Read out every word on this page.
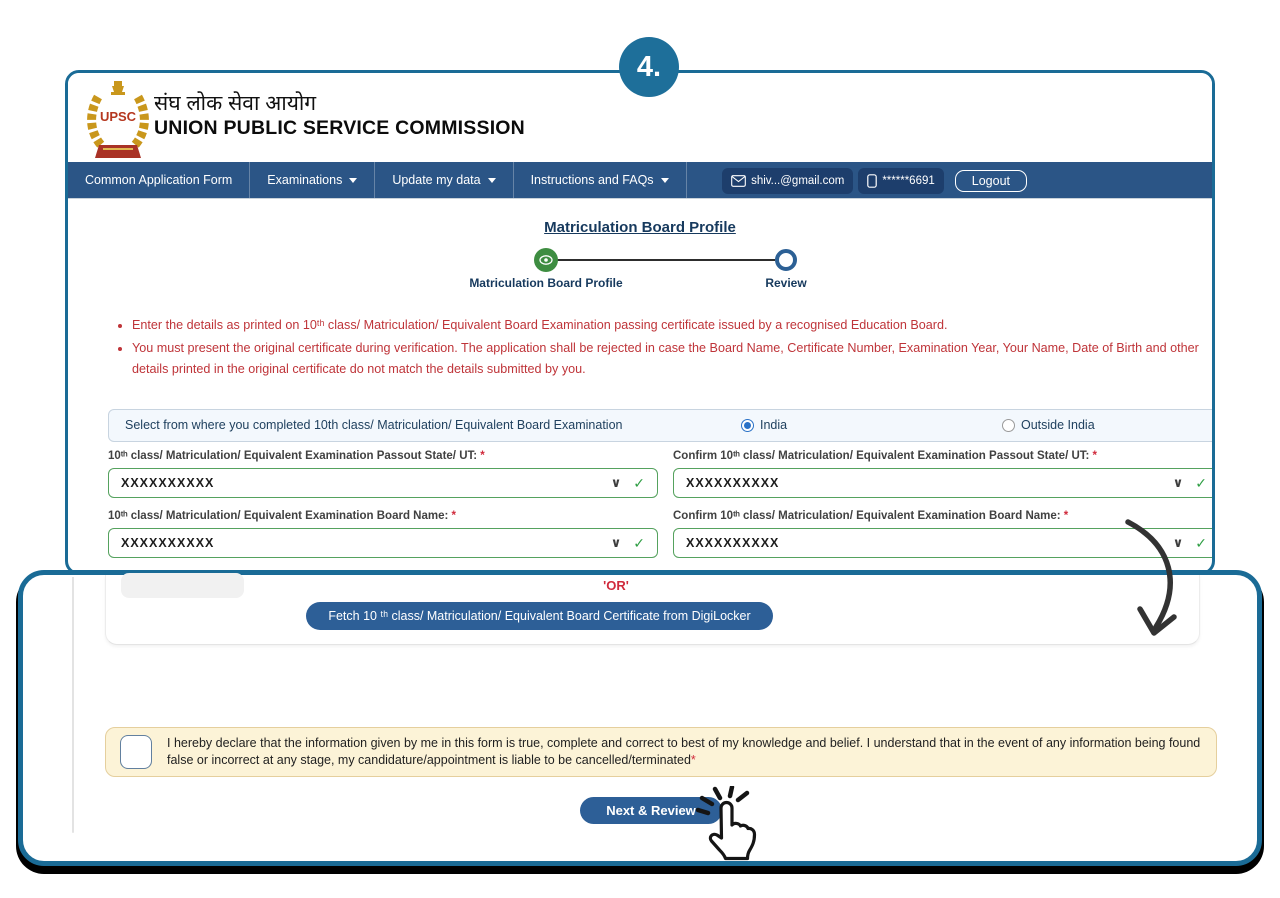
UPSC
संघ लोक सेवा आयोग
UNION PUBLIC SERVICE COMMISSION
Common Application Form	Examinations	Update my data	Instructions and FAQs	shiv...@gmail.com	******6691	Logout
Matriculation Board Profile
Matriculation Board Profile	Review
• Enter the details as printed on 10ᵗʰ class/ Matriculation/ Equivalent Board Examination passing certificate issued by a recognised Education Board.
• You must present the original certificate during verification. The application shall be rejected in case the Board Name, Certificate Number, Examination Year, Your Name, Date of Birth and other details printed in the original certificate do not match the details submitted by you.
Select from where you completed 10th class/ Matriculation/ Equivalent Board Examination	India	Outside India
10ᵗʰ class/ Matriculation/ Equivalent Examination Passout State/ UT: *
XXXXXXXXXX	∨ ✓
Confirm 10ᵗʰ class/ Matriculation/ Equivalent Examination Passout State/ UT: *
XXXXXXXXXX	∨ ✓
10ᵗʰ class/ Matriculation/ Equivalent Examination Board Name: *
XXXXXXXXXX	∨ ✓
Confirm 10ᵗʰ class/ Matriculation/ Equivalent Examination Board Name: *
XXXXXXXXXX	∨ ✓
4.
'OR'
Fetch 10 ᵗʰ class/ Matriculation/ Equivalent Board Certificate from DigiLocker
I hereby declare that the information given by me in this form is true, complete and correct to best of my knowledge and belief. I understand that in the event of any information being found false or incorrect at any stage, my candidature/appointment is liable to be cancelled/terminated*
Next & Review
